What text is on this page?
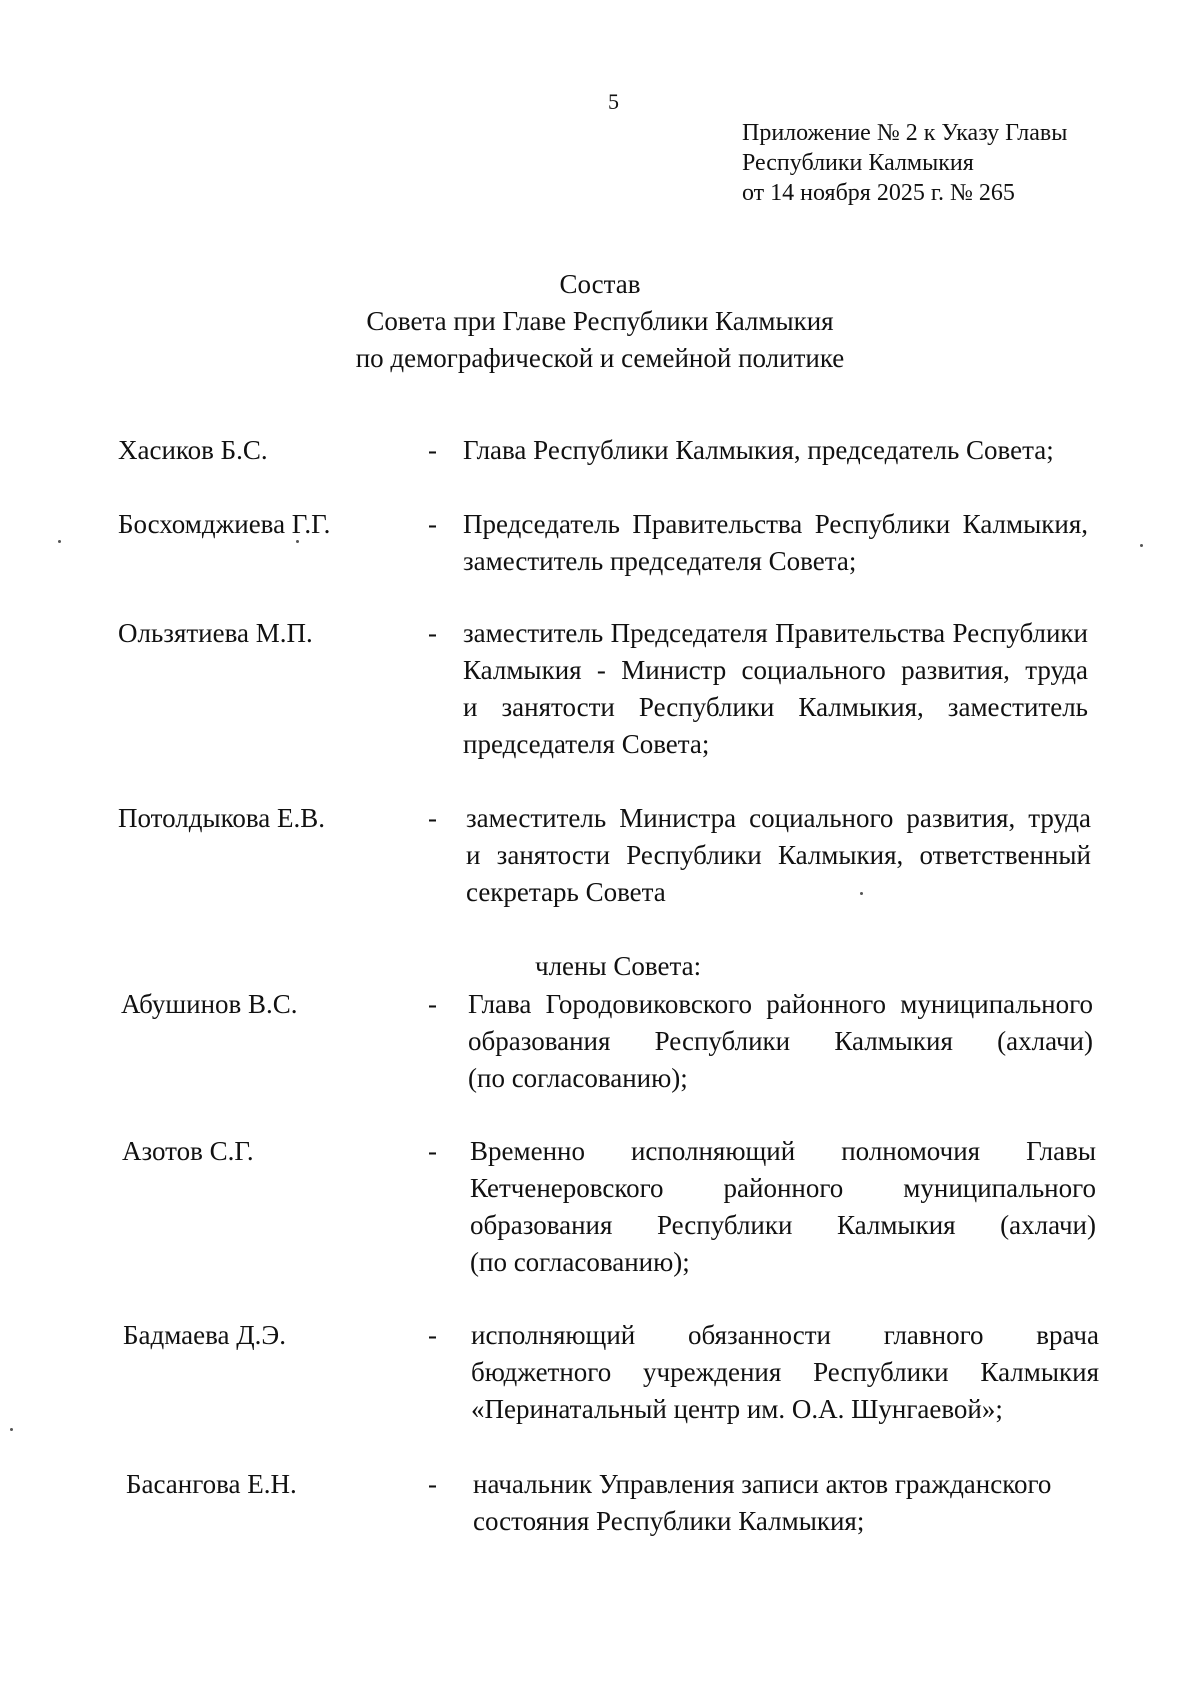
5
Приложение № 2 к Указу Главы
Республики Калмыкия
от 14 ноября 2025 г. № 265
Состав
Совета при Главе Республики Калмыкия
по демографической и семейной политике
Хасиков Б.С.	- Глава Республики Калмыкия, председатель Совета;
Босхомджиева Г.Г.	- Председатель Правительства Республики Калмыкия,
заместитель председателя Совета;
Ользятиева М.П.	- заместитель Председателя Правительства Республики
Калмыкия - Министр социального развития, труда
и занятости Республики Калмыкия, заместитель
председателя Совета;
Потолдыкова Е.В.	- заместитель Министра социального развития, труда
и занятости Республики Калмыкия, ответственный
секретарь Совета
члены Совета:
Абушинов В.С.	- Глава Городовиковского районного муниципального
образования Республики Калмыкия (ахлачи)
(по согласованию);
Азотов С.Г.	- Временно исполняющий полномочия Главы
Кетченеровского районного муниципального
образования Республики Калмыкия (ахлачи)
(по согласованию);
Бадмаева Д.Э.	- исполняющий обязанности главного врача
бюджетного учреждения Республики Калмыкия
«Перинатальный центр им. О.А. Шунгаевой»;
Басангова Е.Н.	- начальник Управления записи актов гражданского
состояния Республики Калмыкия;
